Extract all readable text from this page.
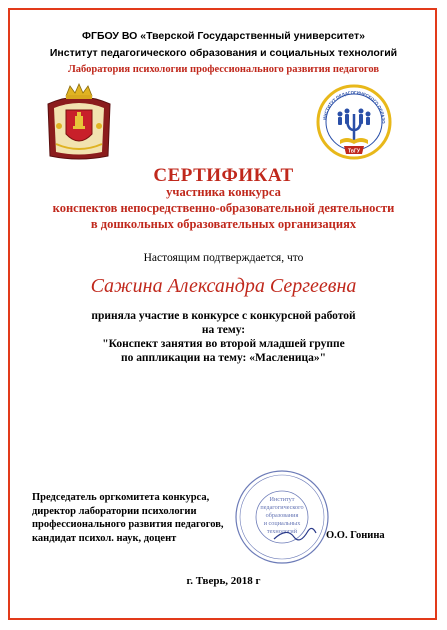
ФГБОУ ВО «Тверской Государственный университет»
Институт педагогического образования и социальных технологий
Лаборатория психологии профессионального развития педагогов
ИНСТИТУТ ПЕДАГОГИЧЕСКОГО ОБРАЗО
ТвГУ
СЕРТИФИКАТ
участника конкурса
конспектов непосредственно-образовательной деятельности
в дошкольных образовательных организациях
Настоящим подтверждается, что
Сажина Александра Сергеевна
приняла участие в конкурсе с конкурсной работой
на тему:
"Конспект занятия во второй младшей группе
по аппликации на тему: «Масленица»"
Институт
педагогического
образования
и социальных
технологий
Председатель оргкомитета конкурса,
директор лаборатории психологии
профессионального развития педагогов,
кандидат психол. наук, доцент	О.О. Гонина
г. Тверь, 2018 г
